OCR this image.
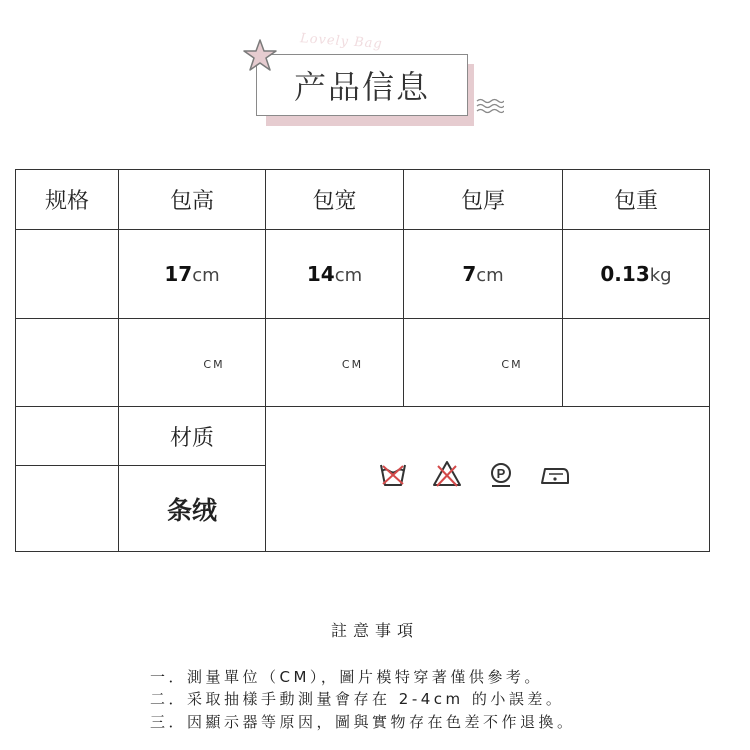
Lovely Bag
产品信息
规格	包高	包宽	包厚	包重
	17cm	14cm	7cm	0.13kg
	CM	CM	CM	
	材质	P		

	条绒			
註意事項
一．測量單位（CM），圖片模特穿著僅供參考。
二．采取抽樣手動測量會存在 2-4cm 的小誤差。
三．因顯示器等原因，圖與實物存在色差不作退換。
